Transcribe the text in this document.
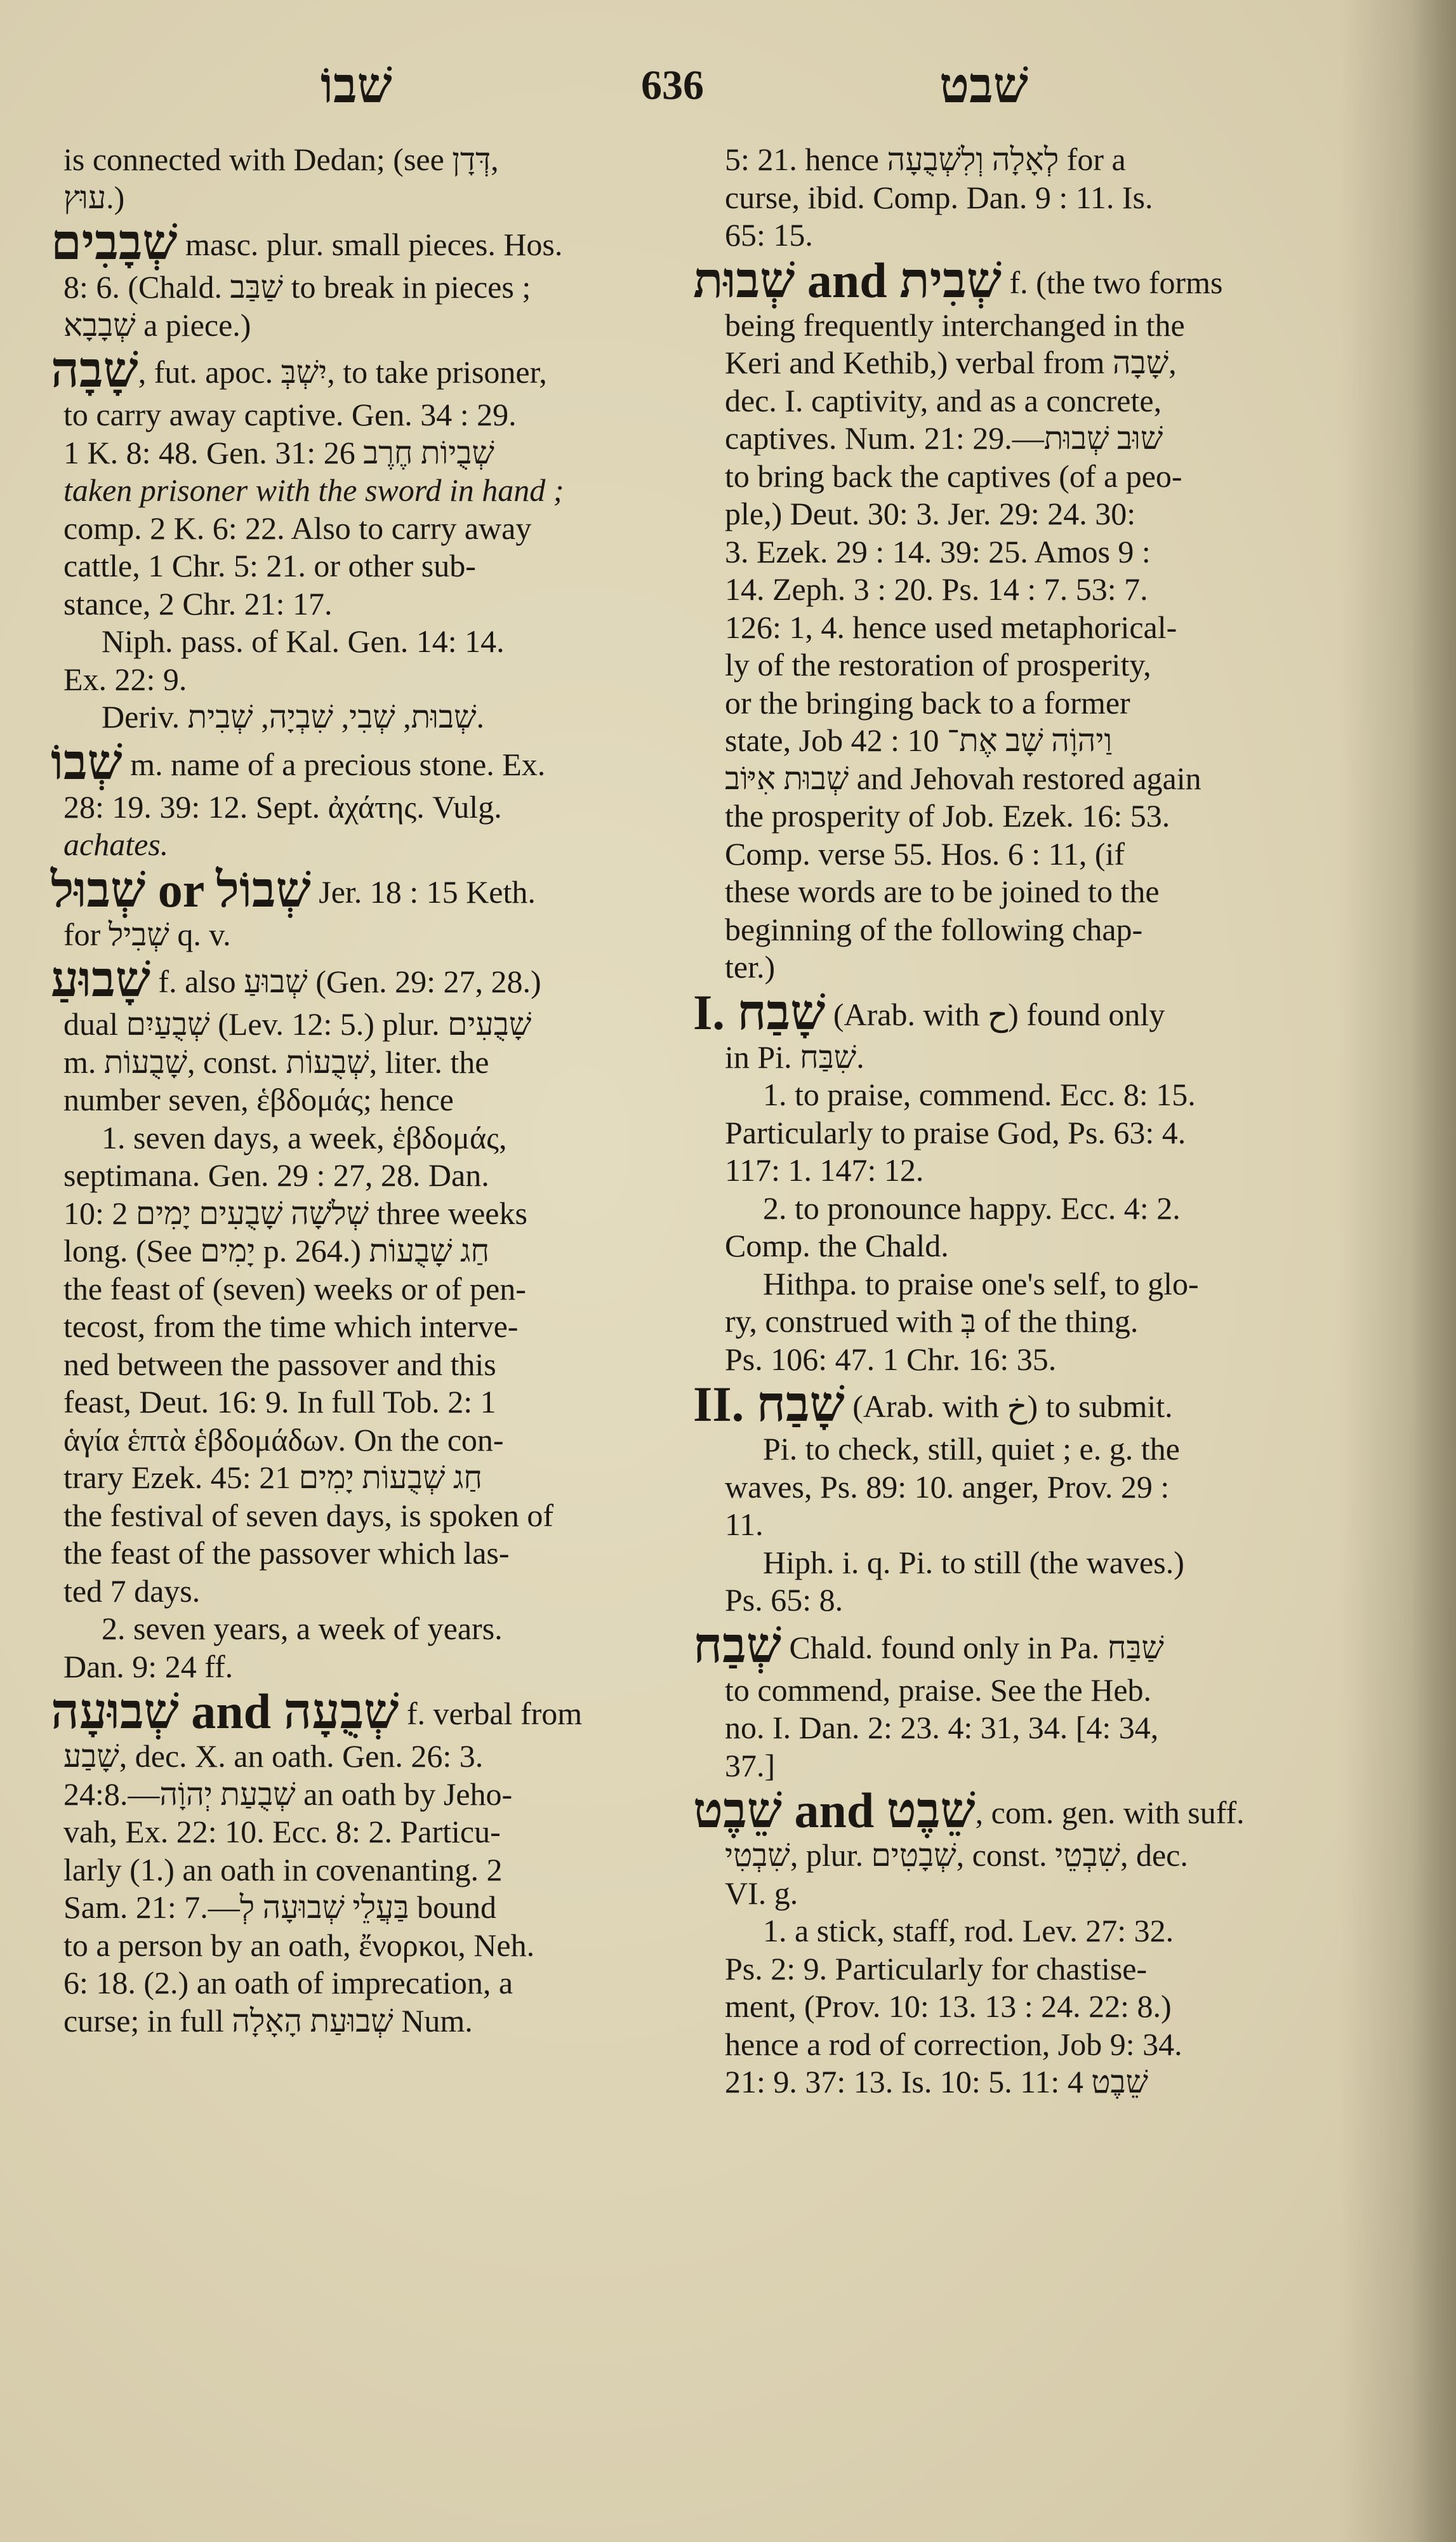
שׁבוֹ	636	שׁבט
is connected with Dedan; (see דְּדָן,
עוּץ.)
שְׁבָבִים masc. plur. small pieces. Hos.
8: 6. (Chald. שַׁבַּב to break in pieces ;
שְׁבָבָא a piece.)
שָׁבָה, fut. apoc. יִשְׁבְּ, to take prisoner,
to carry away captive. Gen. 34 : 29.
1 K. 8: 48. Gen. 31: 26 שְׁבֻיוֹת חֶרֶב
taken prisoner with the sword in hand ;
comp. 2 K. 6: 22. Also to carry away
cattle, 1 Chr. 5: 21. or other sub-
stance, 2 Chr. 21: 17.
Niph. pass. of Kal. Gen. 14: 14.
Ex. 22: 9.
Deriv. שְׁבוּת, שְׁבִי, שִׁבְיָה, שְׁבִית.
שְׁבוֹ m. name of a precious stone. Ex.
28: 19. 39: 12. Sept. ἀχάτης. Vulg.
achates.
שְׁבוּל or שְׁבוֹל Jer. 18 : 15 Keth.
for שְׁבִיל q. v.
שָׁבוּעַ f. also שְׁבוּעַ (Gen. 29: 27, 28.)
dual שְׁבֻעַיִם (Lev. 12: 5.) plur. שָׁבֻעִים
m. שָׁבֻעוֹת, const. שְׁבֻעוֹת, liter. the
number seven, ἑβδομάς; hence
1. seven days, a week, ἑβδομάς,
septimana. Gen. 29 : 27, 28. Dan.
10: 2 שְׁלֹשָׁה שָׁבֻעִים יָמִים three weeks
long. (See יָמִים p. 264.) חַג שָׁבֻעוֹת
the feast of (seven) weeks or of pen-
tecost, from the time which interve-
ned between the passover and this
feast, Deut. 16: 9. In full Tob. 2: 1
ἁγία ἑπτὰ ἑβδομάδων. On the con-
trary Ezek. 45: 21 חַג שְׁבֻעוֹת יָמִים
the festival of seven days, is spoken of
the feast of the passover which las-
ted 7 days.
2. seven years, a week of years.
Dan. 9: 24 ff.
שְׁבוּעָה and שְׁבֻעָה f. verbal from
שָׁבַע, dec. X. an oath. Gen. 26: 3.
24:8.—שְׁבֻעַת יְהוָֹה an oath by Jeho-
vah, Ex. 22: 10. Ecc. 8: 2. Particu-
larly (1.) an oath in covenanting. 2
Sam. 21: 7.—בַּעֲלֵי שְׁבוּעָה לְ bound
to a person by an oath, ἔνορκοι, Neh.
6: 18. (2.) an oath of imprecation, a
curse; in full שְׁבוּעַת הָאָלָה Num.
5: 21. hence לְאָלָה וְלִשְׁבֻעָה for a
curse, ibid. Comp. Dan. 9 : 11. Is.
65: 15.
שְׁבוּת and שְׁבִית f. (the two forms
being frequently interchanged in the
Keri and Kethib,) verbal from שָׁבָה,
dec. I. captivity, and as a concrete,
captives. Num. 21: 29.—שׁוּב שְׁבוּת
to bring back the captives (of a peo-
ple,) Deut. 30: 3. Jer. 29: 24. 30:
3. Ezek. 29 : 14. 39: 25. Amos 9 :
14. Zeph. 3 : 20. Ps. 14 : 7. 53: 7.
126: 1, 4. hence used metaphorical-
ly of the restoration of prosperity,
or the bringing back to a former
state, Job 42 : 10 וַיהוָֹה שָׁב אֶת־
שְׁבוּת אִיּוֹב and Jehovah restored again
the prosperity of Job. Ezek. 16: 53.
Comp. verse 55. Hos. 6 : 11, (if
these words are to be joined to the
beginning of the following chap-
ter.)
I. שָׁבַח (Arab. with ح) found only
in Pi. שִׁבַּח.
1. to praise, commend. Ecc. 8: 15.
Particularly to praise God, Ps. 63: 4.
117: 1. 147: 12.
2. to pronounce happy. Ecc. 4: 2.
Comp. the Chald.
Hithpa. to praise one's self, to glo-
ry, construed with בְּ of the thing.
Ps. 106: 47. 1 Chr. 16: 35.
II. שָׁבַח (Arab. with خ) to submit.
Pi. to check, still, quiet ; e. g. the
waves, Ps. 89: 10. anger, Prov. 29 :
11.
Hiph. i. q. Pi. to still (the waves.)
Ps. 65: 8.
שְׁבַח Chald. found only in Pa. שַׁבַּח
to commend, praise. See the Heb.
no. I. Dan. 2: 23. 4: 31, 34. [4: 34,
37.]
שֵׁבֶט and שֵׁבֶט, com. gen. with suff.
שִׁבְטִי, plur. שְׁבָטִים, const. שִׁבְטֵי, dec.
VI. g.
1. a stick, staff, rod. Lev. 27: 32.
Ps. 2: 9. Particularly for chastise-
ment, (Prov. 10: 13. 13 : 24. 22: 8.)
hence a rod of correction, Job 9: 34.
21: 9. 37: 13. Is. 10: 5. 11: 4 שֵׁבֶט
